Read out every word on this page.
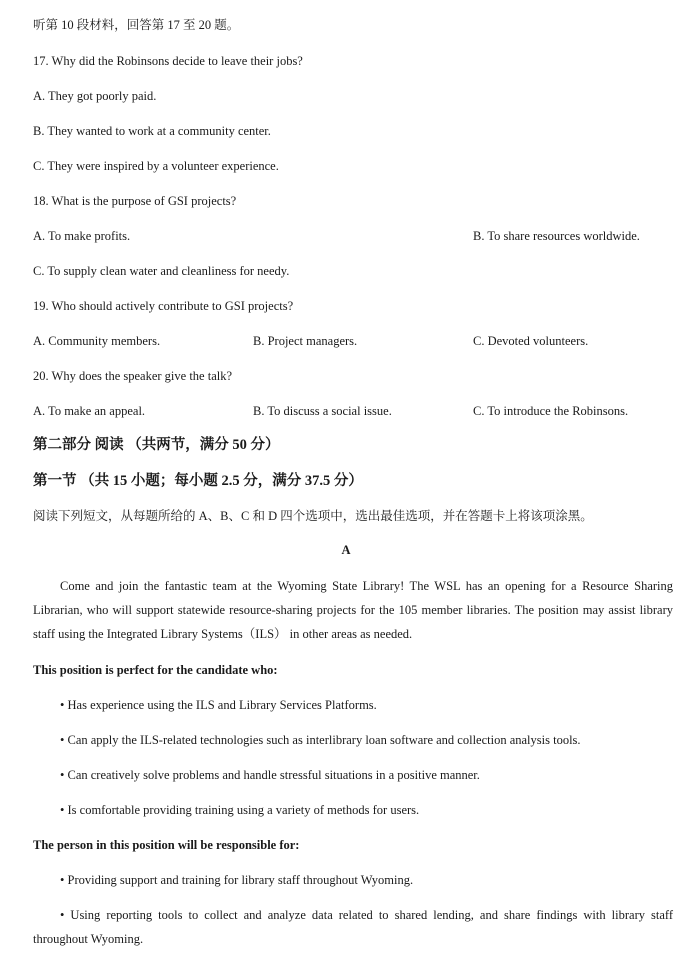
听第 10 段材料，回答第 17 至 20 题。
17. Why did the Robinsons decide to leave their jobs?
A. They got poorly paid.
B. They wanted to work at a community center.
C. They were inspired by a volunteer experience.
18. What is the purpose of GSI projects?
A. To make profits.	B. To share resources worldwide.
C. To supply clean water and cleanliness for needy.
19. Who should actively contribute to GSI projects?
A. Community members.	B. Project managers.	C. Devoted volunteers.
20. Why does the speaker give the talk?
A. To make an appeal.	B. To discuss a social issue.	C. To introduce the Robinsons.
第二部分 阅读 （共两节，满分 50 分）
第一节 （共 15 小题；每小题 2.5 分，满分 37.5 分）
阅读下列短文，从每题所给的 A、B、C 和 D 四个选项中，选出最佳选项，并在答题卡上将该项涂黑。
A
Come and join the fantastic team at the Wyoming State Library! The WSL has an opening for a Resource Sharing Librarian, who will support statewide resource-sharing projects for the 105 member libraries. The position may assist library staff using the Integrated Library Systems（ILS） in other areas as needed.
This position is perfect for the candidate who:
• Has experience using the ILS and Library Services Platforms.
• Can apply the ILS-related technologies such as interlibrary loan software and collection analysis tools.
• Can creatively solve problems and handle stressful situations in a positive manner.
• Is comfortable providing training using a variety of methods for users.
The person in this position will be responsible for:
• Providing support and training for library staff throughout Wyoming.
• Using reporting tools to collect and analyze data related to shared lending, and share findings with library staff throughout Wyoming.
